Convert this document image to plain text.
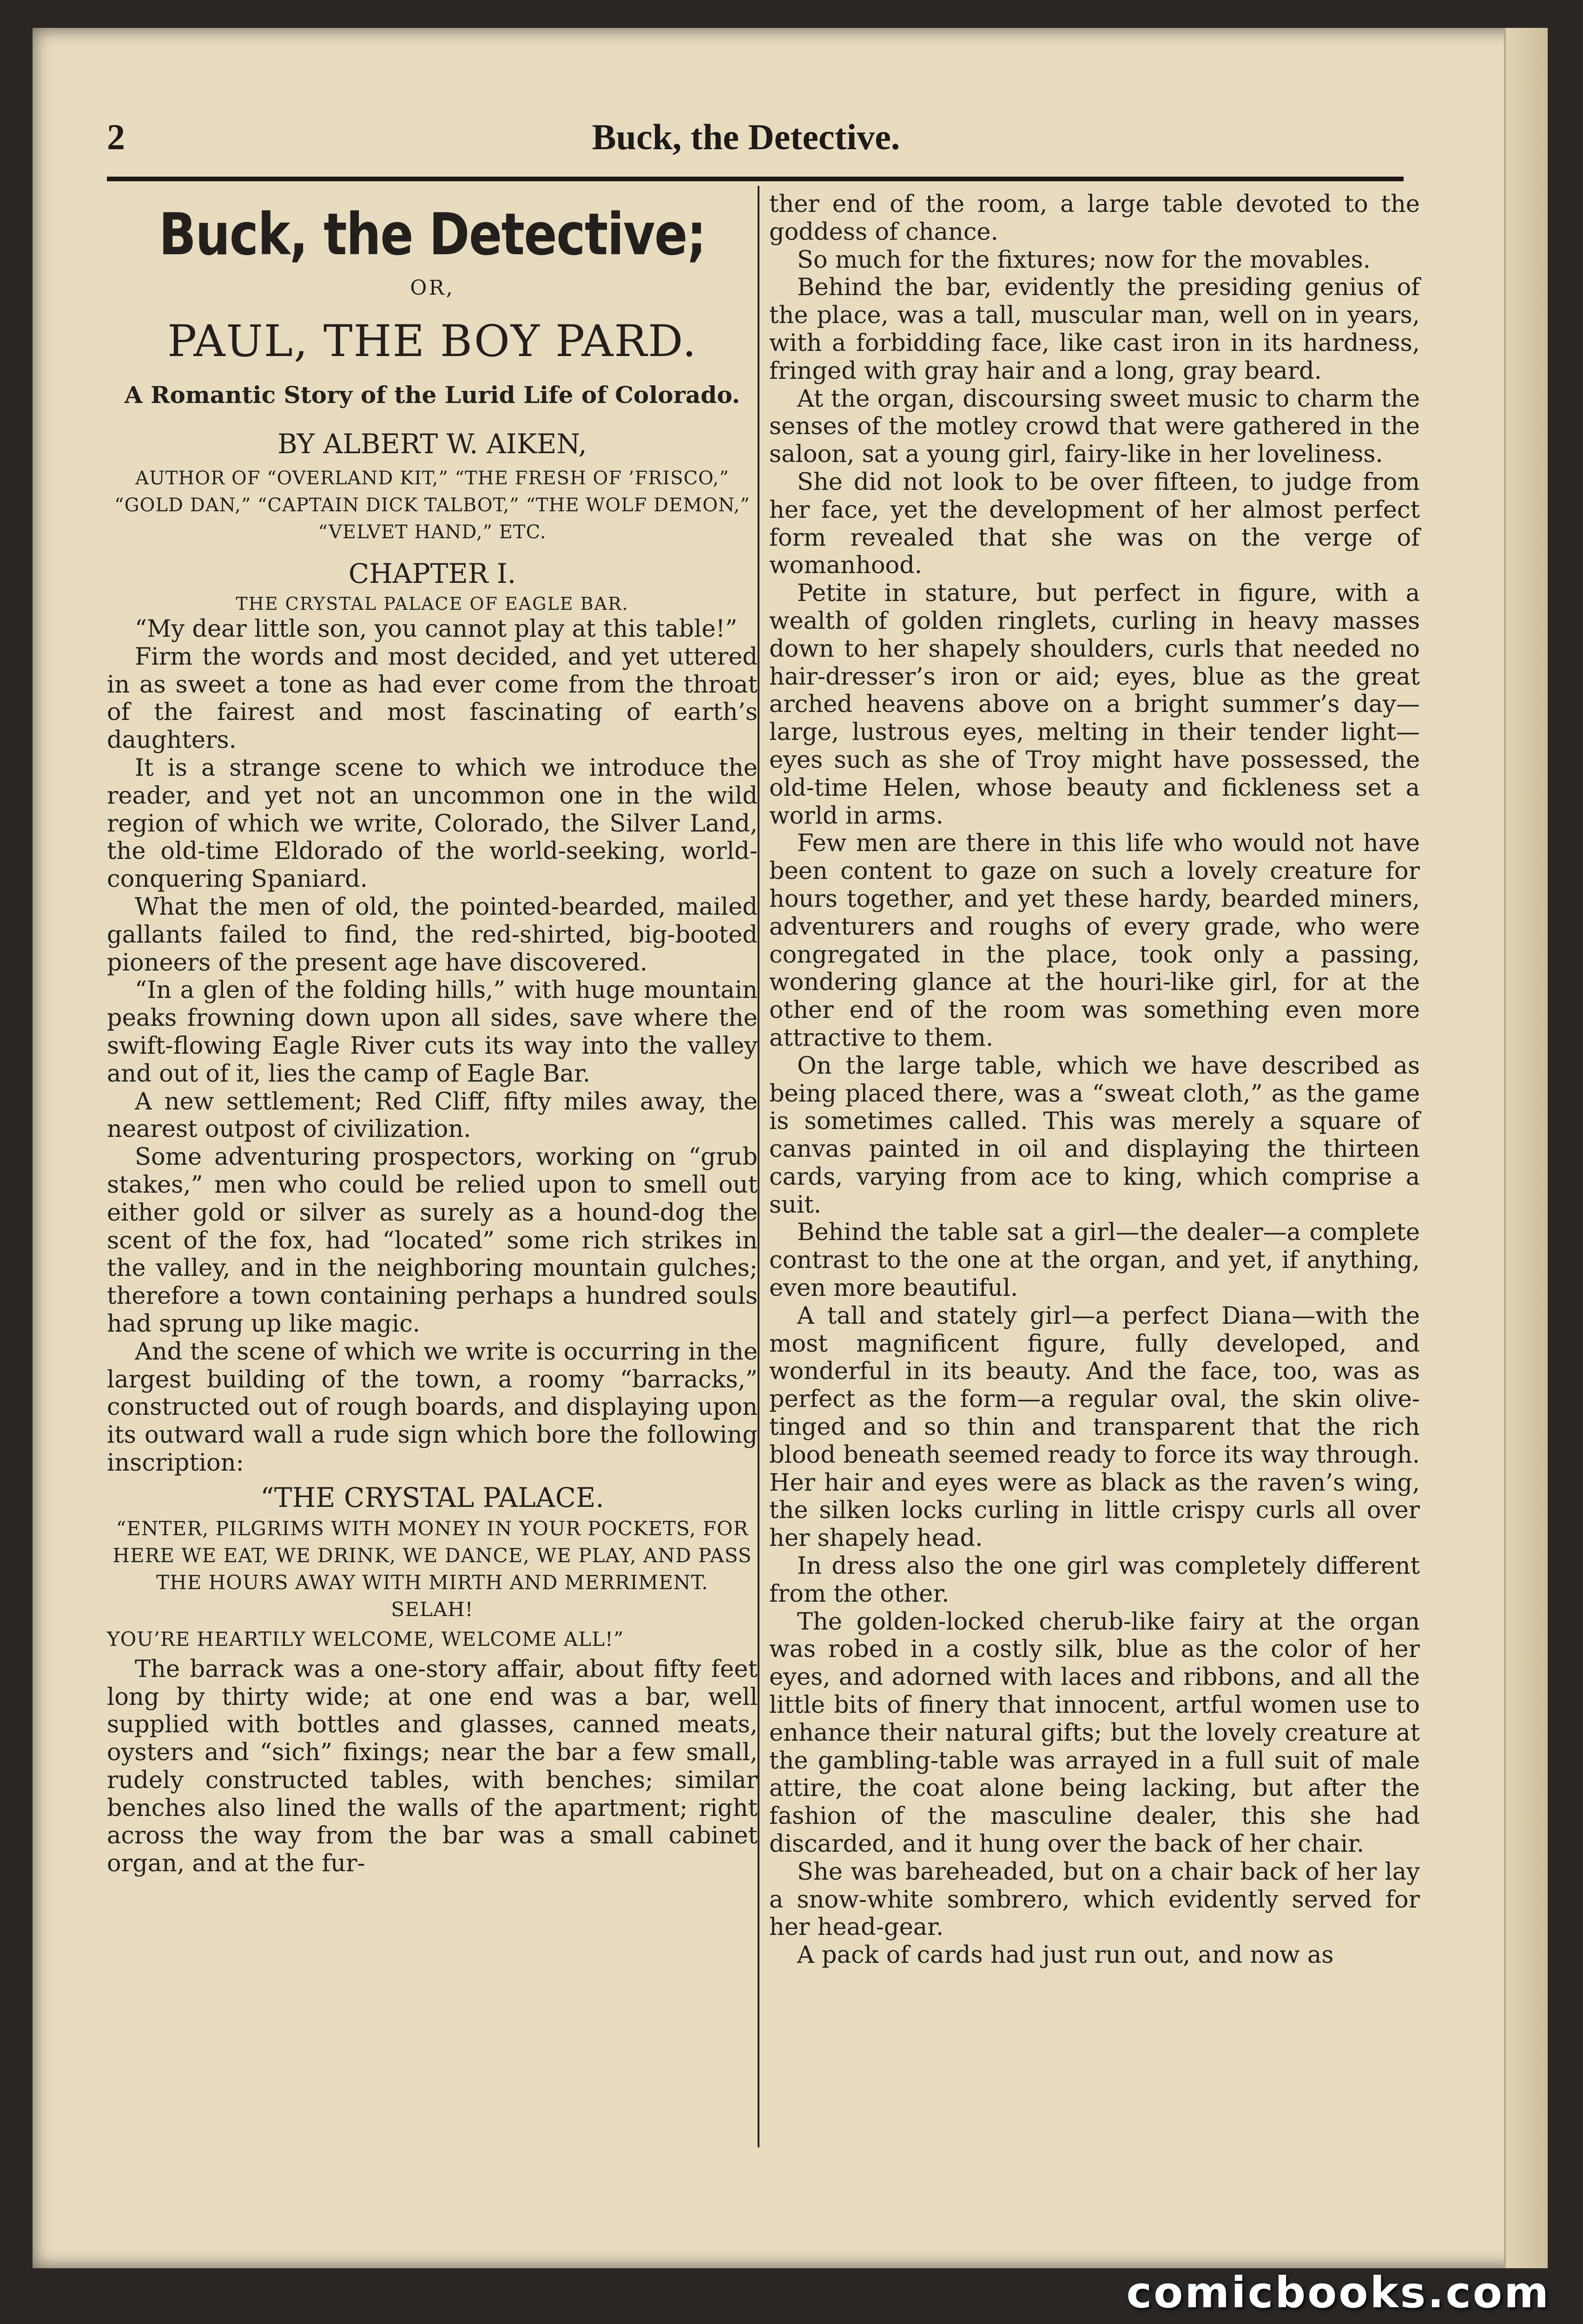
2	Buck, the Detective.
Buck, the Detective;
OR,
PAUL, THE BOY PARD.
A Romantic Story of the Lurid Life of Colorado.
BY ALBERT W. AIKEN,
AUTHOR OF “OVERLAND KIT,” “THE FRESH OF ’FRISCO,” “GOLD DAN,” “CAPTAIN DICK TALBOT,” “THE WOLF DEMON,” “VELVET HAND,” ETC.
CHAPTER I.
THE CRYSTAL PALACE OF EAGLE BAR.

“My dear little son, you cannot play at this table!”

Firm the words and most decided, and yet uttered in as sweet a tone as had ever come from the throat of the fairest and most fascinating of earth’s daughters.

It is a strange scene to which we introduce the reader, and yet not an uncommon one in the wild region of which we write, Colorado, the Silver Land, the old-time Eldorado of the world-seeking, world-conquering Spaniard.

What the men of old, the pointed-bearded, mailed gallants failed to find, the red-shirted, big-booted pioneers of the present age have discovered.

“In a glen of the folding hills,” with huge mountain peaks frowning down upon all sides, save where the swift-flowing Eagle River cuts its way into the valley and out of it, lies the camp of Eagle Bar.

A new settlement; Red Cliff, fifty miles away, the nearest outpost of civilization.

Some adventuring prospectors, working on “grub stakes,” men who could be relied upon to smell out either gold or silver as surely as a hound-dog the scent of the fox, had “located” some rich strikes in the valley, and in the neighboring mountain gulches; therefore a town containing perhaps a hundred souls had sprung up like magic.

And the scene of which we write is occurring in the largest building of the town, a roomy “barracks,” constructed out of rough boards, and displaying upon its outward wall a rude sign which bore the following inscription:

“THE CRYSTAL PALACE.
“ENTER, PILGRIMS WITH MONEY IN YOUR POCKETS, FOR HERE WE EAT, WE DRINK, WE DANCE, WE PLAY, AND PASS THE HOURS AWAY WITH MIRTH AND MERRIMENT.
SELAH!
YOU’RE HEARTILY WELCOME, WELCOME ALL!”

The barrack was a one-story affair, about fifty feet long by thirty wide; at one end was a bar, well supplied with bottles and glasses, canned meats, oysters and “sich” fixings; near the bar a few small, rudely constructed tables, with benches; similar benches also lined the walls of the apartment; right across the way from the bar was a small cabinet organ, and at the fur-

ther end of the room, a large table devoted to the goddess of chance.

So much for the fixtures; now for the movables.

Behind the bar, evidently the presiding genius of the place, was a tall, muscular man, well on in years, with a forbidding face, like cast iron in its hardness, fringed with gray hair and a long, gray beard.

At the organ, discoursing sweet music to charm the senses of the motley crowd that were gathered in the saloon, sat a young girl, fairy-like in her loveliness.

She did not look to be over fifteen, to judge from her face, yet the development of her almost perfect form revealed that she was on the verge of womanhood.

Petite in stature, but perfect in figure, with a wealth of golden ringlets, curling in heavy masses down to her shapely shoulders, curls that needed no hair-dresser’s iron or aid; eyes, blue as the great arched heavens above on a bright summer’s day—large, lustrous eyes, melting in their tender light—eyes such as she of Troy might have possessed, the old-time Helen, whose beauty and fickleness set a world in arms.

Few men are there in this life who would not have been content to gaze on such a lovely creature for hours together, and yet these hardy, bearded miners, adventurers and roughs of every grade, who were congregated in the place, took only a passing, wondering glance at the houri-like girl, for at the other end of the room was something even more attractive to them.

On the large table, which we have described as being placed there, was a “sweat cloth,” as the game is sometimes called. This was merely a square of canvas painted in oil and displaying the thirteen cards, varying from ace to king, which comprise a suit.

Behind the table sat a girl—the dealer—a complete contrast to the one at the organ, and yet, if anything, even more beautiful.

A tall and stately girl—a perfect Diana—with the most magnificent figure, fully developed, and wonderful in its beauty. And the face, too, was as perfect as the form—a regular oval, the skin olive-tinged and so thin and transparent that the rich blood beneath seemed ready to force its way through. Her hair and eyes were as black as the raven’s wing, the silken locks curling in little crispy curls all over her shapely head.

In dress also the one girl was completely different from the other.

The golden-locked cherub-like fairy at the organ was robed in a costly silk, blue as the color of her eyes, and adorned with laces and ribbons, and all the little bits of finery that innocent, artful women use to enhance their natural gifts; but the lovely creature at the gambling-table was arrayed in a full suit of male attire, the coat alone being lacking, but after the fashion of the masculine dealer, this she had discarded, and it hung over the back of her chair.

She was bareheaded, but on a chair back of her lay a snow-white sombrero, which evidently served for her head-gear.

A pack of cards had just run out, and now as

comicbooks.com
